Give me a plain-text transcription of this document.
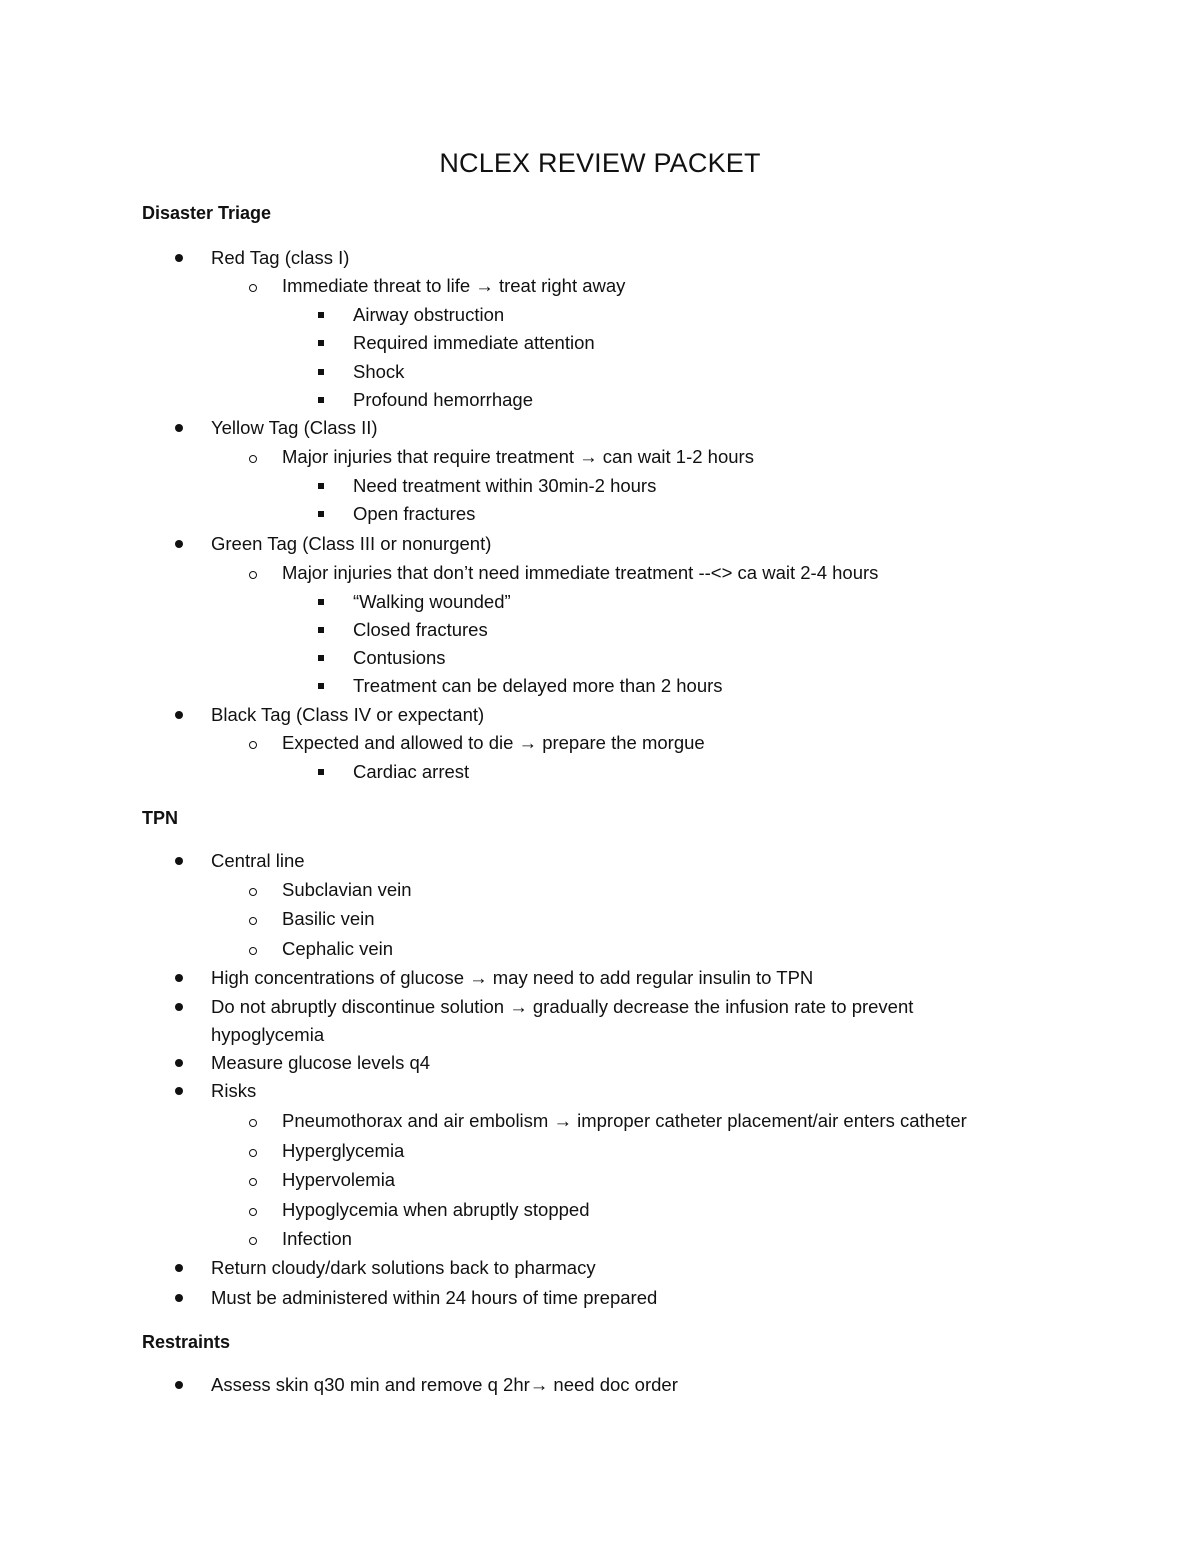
NCLEX REVIEW PACKET
Disaster Triage
Red Tag (class I)
Immediate threat to life → treat right away
Airway obstruction
Required immediate attention
Shock
Profound hemorrhage
Yellow Tag (Class II)
Major injuries that require treatment → can wait 1-2 hours
Need treatment within 30min-2 hours
Open fractures
Green Tag (Class III or nonurgent)
Major injuries that don’t need immediate treatment --<> ca wait 2-4 hours
“Walking wounded”
Closed fractures
Contusions
Treatment can be delayed more than 2 hours
Black Tag (Class IV or expectant)
Expected and allowed to die → prepare the morgue
Cardiac arrest
TPN
Central line
Subclavian vein
Basilic vein
Cephalic vein
High concentrations of glucose → may need to add regular insulin to TPN
Do not abruptly discontinue solution → gradually decrease the infusion rate to prevent
hypoglycemia
Measure glucose levels q4
Risks
Pneumothorax and air embolism → improper catheter placement/air enters catheter
Hyperglycemia
Hypervolemia
Hypoglycemia when abruptly stopped
Infection
Return cloudy/dark solutions back to pharmacy
Must be administered within 24 hours of time prepared
Restraints
Assess skin q30 min and remove q 2hr→ need doc order
